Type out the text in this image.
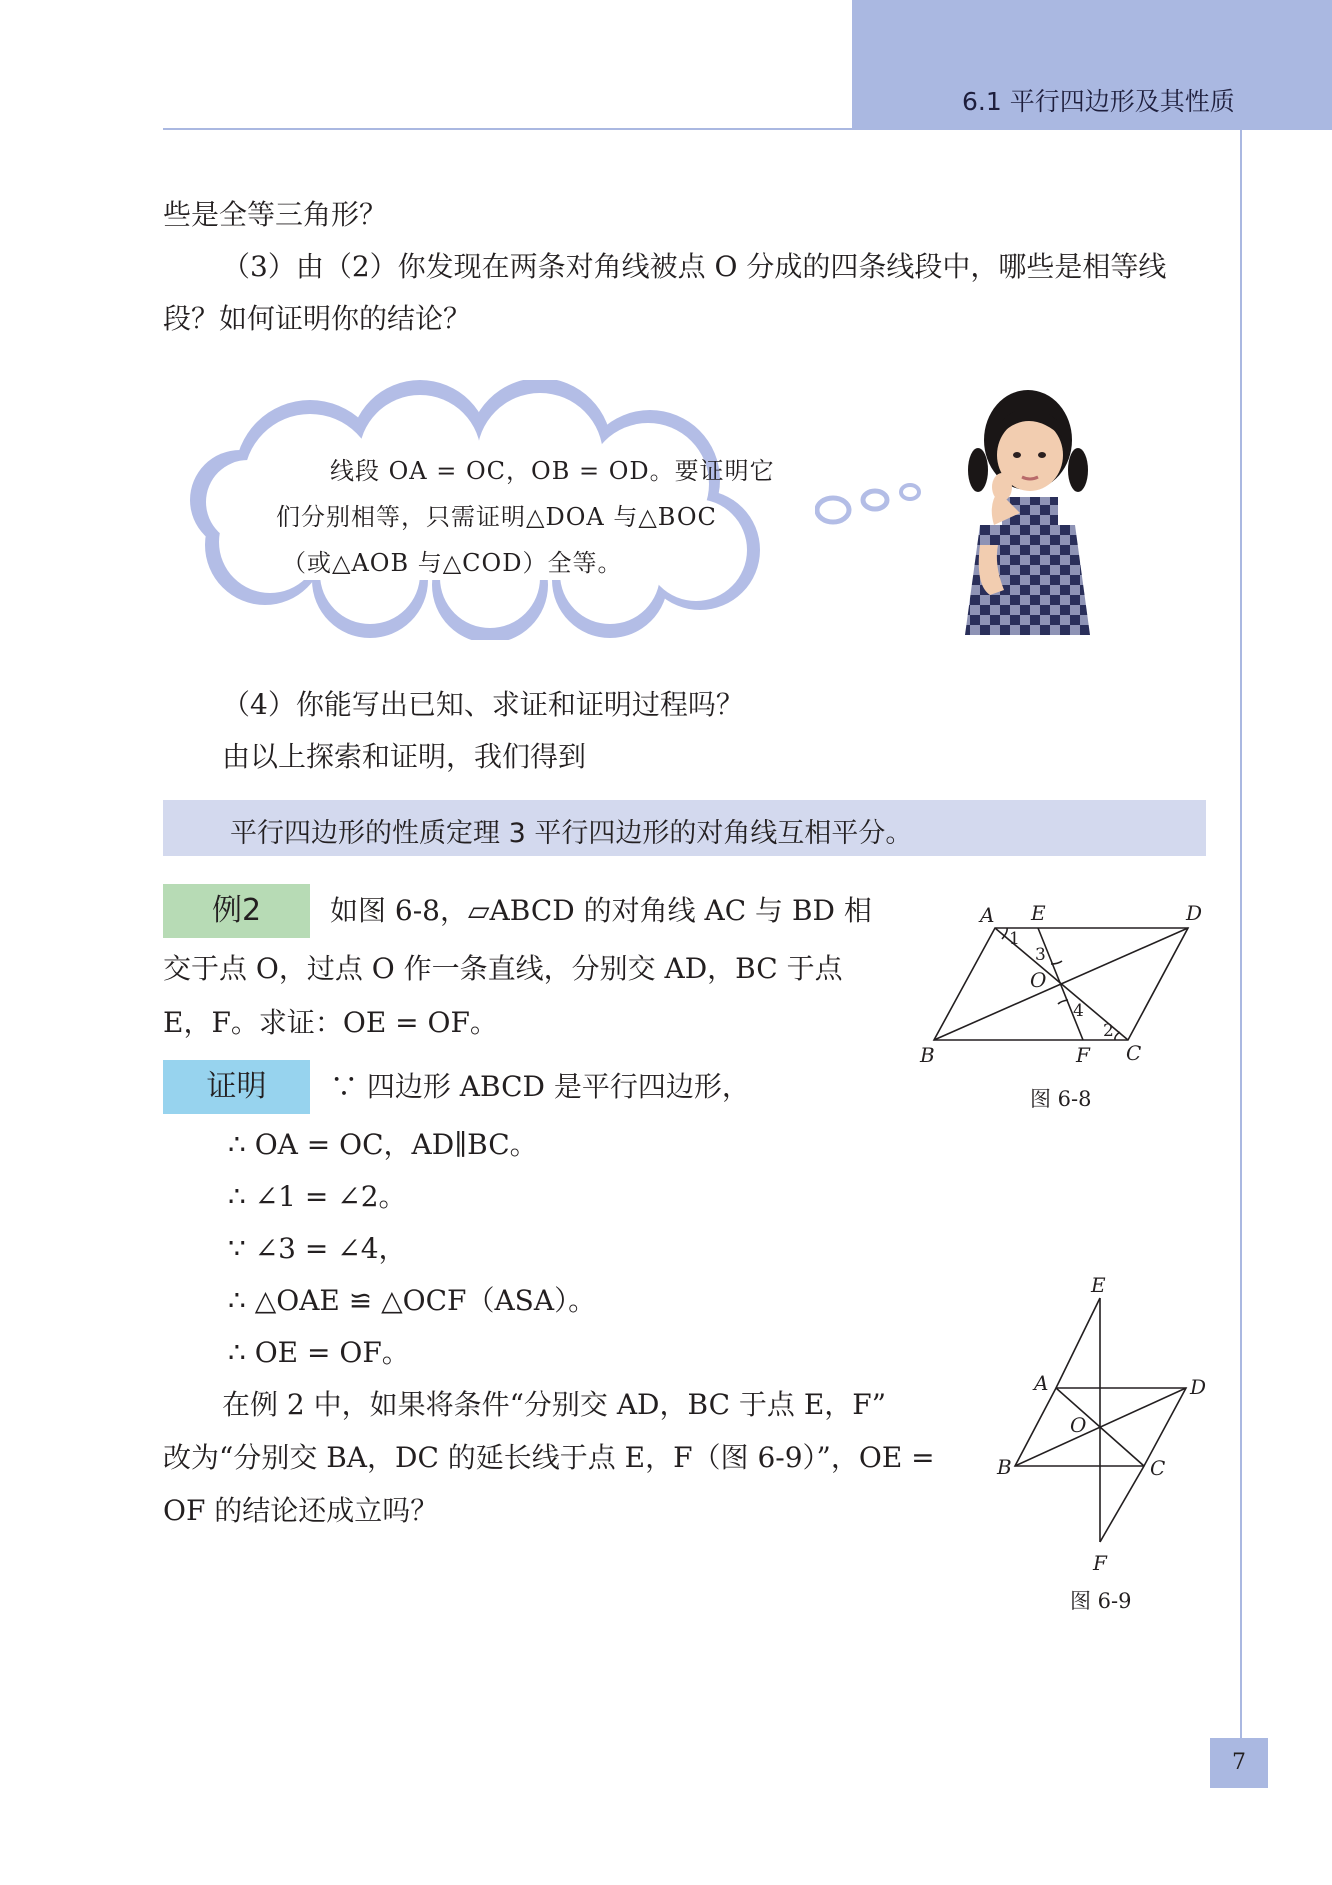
6.1 平行四边形及其性质
7
些是全等三角形？
（3）由（2）你发现在两条对角线被点 O 分成的四条线段中，哪些是相等线
段？如何证明你的结论？
线段 OA = OC，OB = OD。要证明它
们分别相等，只需证明△DOA 与△BOC
（或△AOB 与△COD）全等。
（4）你能写出已知、求证和证明过程吗？
由以上探索和证明，我们得到
平行四边形的性质定理 3 平行四边形的对角线互相平分。
例2	如图 6-8，▱ABCD 的对角线 AC 与 BD 相
交于点 O，过点 O 作一条直线，分别交 AD，BC 于点
E，F。求证：OE = OF。
A E	D
B	F C
O
1
2
3
4
图 6-8
证明	∵ 四边形 ABCD 是平行四边形，
∴ OA = OC，AD∥BC。
∴ ∠1 = ∠2。
∵ ∠3 = ∠4，
∴ △OAE ≌ △OCF（ASA）。
∴ OE = OF。
在例 2 中，如果将条件“分别交 AD，BC 于点 E，F”
改为“分别交 BA，DC 的延长线于点 E，F（图 6-9）”，OE =
OF 的结论还成立吗？
E
A	D
O
B	C
F
图 6-9
